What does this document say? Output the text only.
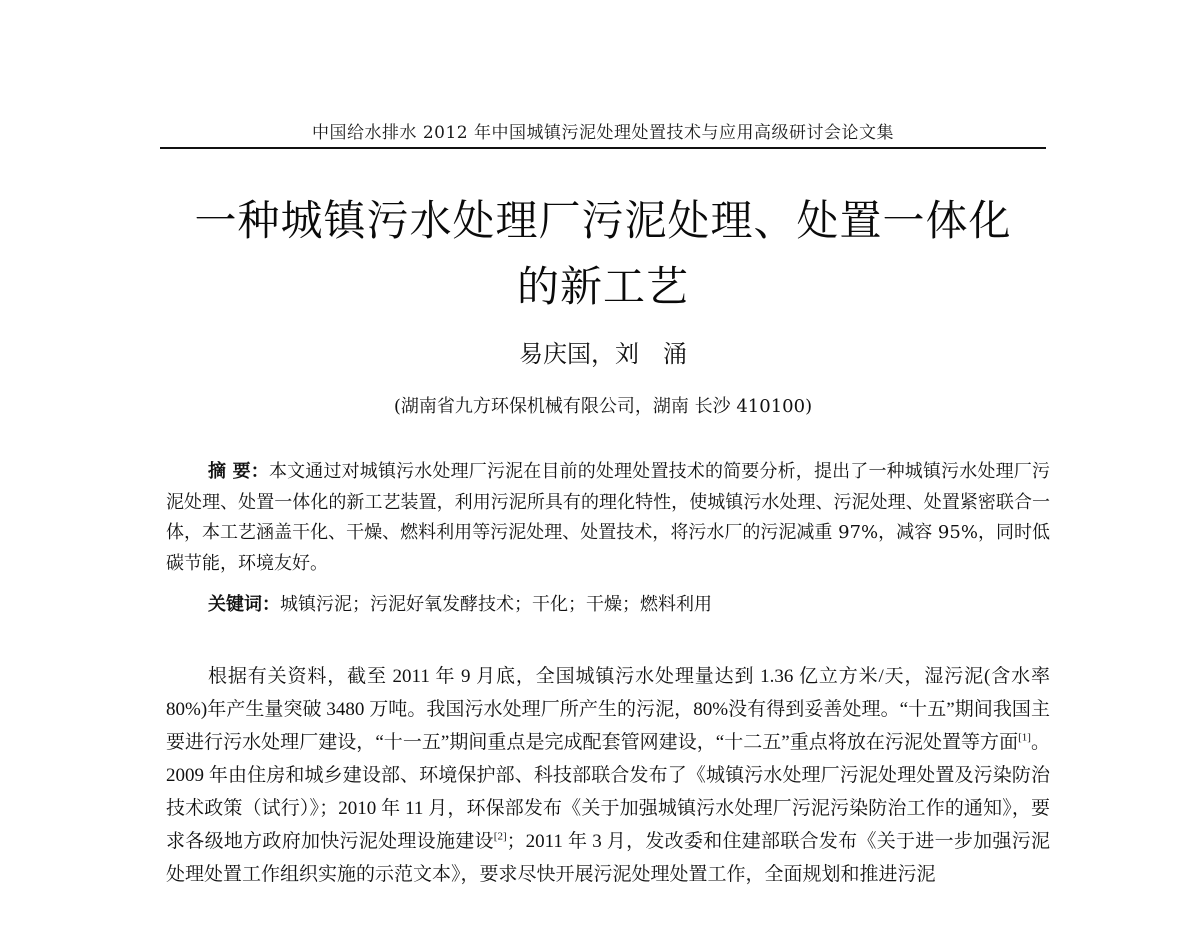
中国给水排水 2012 年中国城镇污泥处理处置技术与应用高级研讨会论文集
一种城镇污水处理厂污泥处理、处置一体化
的新工艺
易庆国，刘　涌
(湖南省九方环保机械有限公司，湖南 长沙 410100)
摘 要：本文通过对城镇污水处理厂污泥在目前的处理处置技术的简要分析，提出了一种城镇污水处理厂污泥处理、处置一体化的新工艺装置，利用污泥所具有的理化特性，使城镇污水处理、污泥处理、处置紧密联合一体，本工艺涵盖干化、干燥、燃料利用等污泥处理、处置技术，将污水厂的污泥减重 97%，减容 95%，同时低碳节能，环境友好。
关键词：城镇污泥；污泥好氧发酵技术；干化；干燥；燃料利用
根据有关资料，截至 2011 年 9 月底，全国城镇污水处理量达到 1.36 亿立方米/天，湿污泥(含水率 80%)年产生量突破 3480 万吨。我国污水处理厂所产生的污泥，80%没有得到妥善处理。“十五”期间我国主要进行污水处理厂建设，“十一五”期间重点是完成配套管网建设，“十二五”重点将放在污泥处置等方面[1]。2009 年由住房和城乡建设部、环境保护部、科技部联合发布了《城镇污水处理厂污泥处理处置及污染防治技术政策（试行）》；2010 年 11 月，环保部发布《关于加强城镇污水处理厂污泥污染防治工作的通知》，要求各级地方政府加快污泥处理设施建设[2]；2011 年 3 月，发改委和住建部联合发布《关于进一步加强污泥处理处置工作组织实施的示范文本》，要求尽快开展污泥处理处置工作，全面规划和推进污泥
